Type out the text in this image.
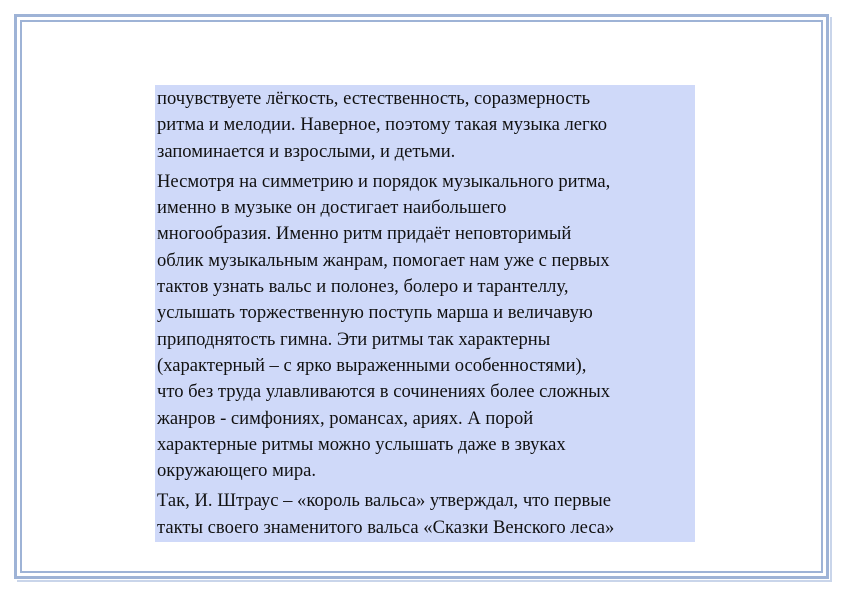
почувствуете лёгкость, естественность, соразмерность
ритма и мелодии. Наверное, поэтому такая музыка легко
запоминается и взрослыми, и детьми.

Несмотря на симметрию и порядок музыкального ритма,
именно в музыке он достигает наибольшего
многообразия. Именно ритм придаёт неповторимый
облик музыкальным жанрам, помогает нам уже с первых
тактов узнать вальс и полонез, болеро и тарантеллу,
услышать торжественную поступь марша и величавую
приподнятость гимна. Эти ритмы так характерны
(характерный – с ярко выраженными особенностями),
что без труда улавливаются в сочинениях более сложных
жанров - симфониях, романсах, ариях. А порой
характерные ритмы можно услышать даже в звуках
окружающего мира.

Так, И. Штраус – «король вальса» утверждал, что первые
такты своего знаменитого вальса «Сказки Венского леса»
